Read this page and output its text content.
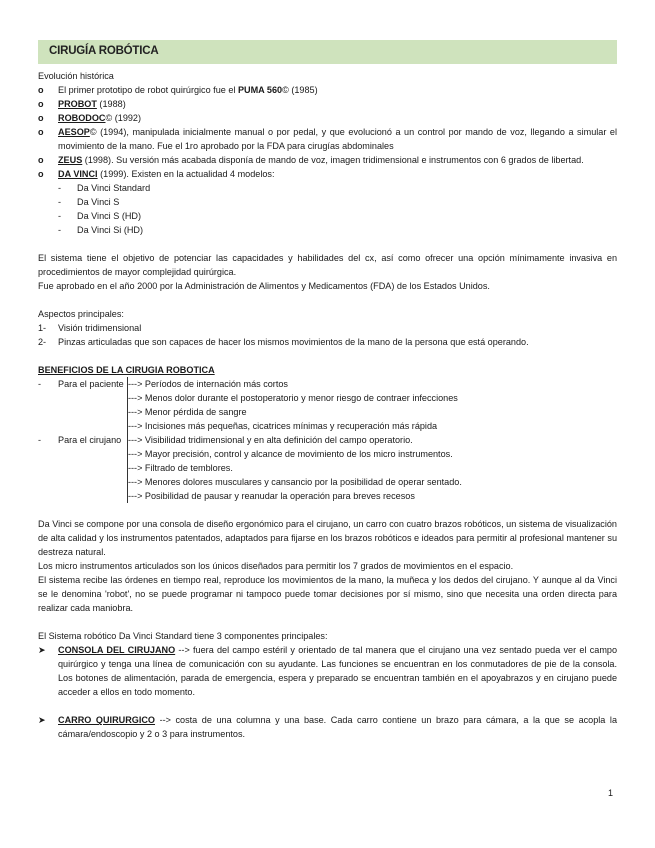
CIRUGÍA ROBÓTICA

Evolución histórica

o El primer prototipo de robot quirúrgico fue el PUMA 560© (1985)
o PROBOT (1988)
o ROBODOC© (1992)
o AESOP© (1994), manipulada inicialmente manual o por pedal, y que evolucionó a un control por mando de voz, llegando a simular el movimiento de la mano. Fue el 1ro aprobado por la FDA para cirugías abdominales
o ZEUS (1998). Su versión más acabada disponía de mando de voz, imagen tridimensional e instrumentos con 6 grados de libertad.
o DA VINCI (1999). Existen en la actualidad 4 modelos:
- Da Vinci Standard
- Da Vinci S
- Da Vinci S (HD)
- Da Vinci Si (HD)

El sistema tiene el objetivo de potenciar las capacidades y habilidades del cx, así como ofrecer una opción mínimamente invasiva en procedimientos de mayor complejidad quirúrgica.

Fue aprobado en el año 2000 por la Administración de Alimentos y Medicamentos (FDA) de los Estados Unidos.

Aspectos principales:

1- Visión tridimensional
2- Pinzas articuladas que son capaces de hacer los mismos movimientos de la mano de la persona que está operando.

BENEFICIOS DE LA CIRUGIA ROBOTICA

- Para el paciente ---> Períodos de internación más cortos
---> Menos dolor durante el postoperatorio y menor riesgo de contraer infecciones
---> Menor pérdida de sangre
---> Incisiones más pequeñas, cicatrices mínimas y recuperación más rápida
- Para el cirujano ---> Visibilidad tridimensional y en alta definición del campo operatorio.
---> Mayor precisión, control y alcance de movimiento de los micro instrumentos.
---> Filtrado de temblores.
---> Menores dolores musculares y cansancio por la posibilidad de operar sentado.
---> Posibilidad de pausar y reanudar la operación para breves recesos

Da Vinci se compone por una consola de diseño ergonómico para el cirujano, un carro con cuatro brazos robóticos, un sistema de visualización de alta calidad y los instrumentos patentados, adaptados para fijarse en los brazos robóticos e ideados para permitir al profesional mantener su destreza natural.

Los micro instrumentos articulados son los únicos diseñados para permitir los 7 grados de movimientos en el espacio.

El sistema recibe las órdenes en tiempo real, reproduce los movimientos de la mano, la muñeca y los dedos del cirujano. Y aunque al da Vinci se le denomina 'robot', no se puede programar ni tampoco puede tomar decisiones por sí mismo, sino que necesita una orden directa para realizar cada maniobra.

El Sistema robótico Da Vinci Standard tiene 3 componentes principales:

➤ CONSOLA DEL CIRUJANO --> fuera del campo estéril y orientado de tal manera que el cirujano una vez sentado pueda ver el campo quirúrgico y tenga una línea de comunicación con su ayudante. Las funciones se encuentran en los conmutadores de pie de la consola. Los botones de alimentación, parada de emergencia, espera y preparado se encuentran también en el apoyabrazos y en cirujano puede acceder a ellos en todo momento.
➤ CARRO QUIRURGICO --> costa de una columna y una base. Cada carro contiene un brazo para cámara, a la que se acopla la cámara/endoscopio y 2 o 3 para instrumentos.
1
